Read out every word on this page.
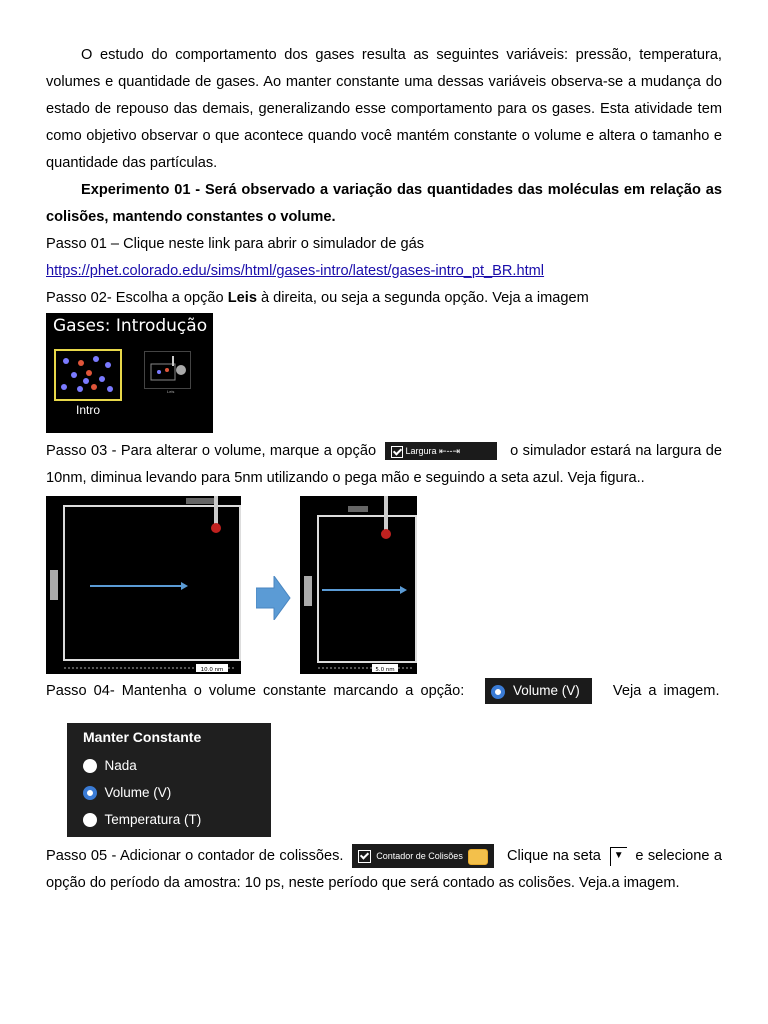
O estudo do comportamento dos gases resulta as seguintes variáveis: pressão, temperatura, volumes e quantidade de gases. Ao manter constante uma dessas variáveis observa-se a mudança do estado de repouso das demais, generalizando esse comportamento para os gases. Esta atividade tem como objetivo observar o que acontece quando você mantém constante o volume e altera o tamanho e quantidade das partículas.

Experimento 01 - Será observado a variação das quantidades das moléculas em relação as colisões, mantendo constantes o volume.

Passo 01 – Clique neste link para abrir o simulador de gás

https://phet.colorado.edu/sims/html/gases-intro/latest/gases-intro_pt_BR.html

Passo 02- Escolha a opção Leis à direita, ou seja a segunda opção. Veja a imagem

Gases: Introdução
Intro
Leis

Passo 03 - Para alterar o volume, marque a opção	Largura ⇤--⇥	o simulador estará na largura de 10nm, diminua levando para 5nm utilizando o pega mão e seguindo a seta azul. Veja figura..

10.0 nm	5.0 nm

Passo 04- Mantenha o volume constante marcando a opção:	Volume (V) Veja a imagem.

Manter Constante
Nada
Volume (V)
Temperatura (T)

Passo 05 - Adicionar o contador de colissões.	Contador de Colisões	Clique na seta ▼ e selecione a opção do período da amostra: 10 ps, neste período que será contado as colisões. Veja.a imagem.
